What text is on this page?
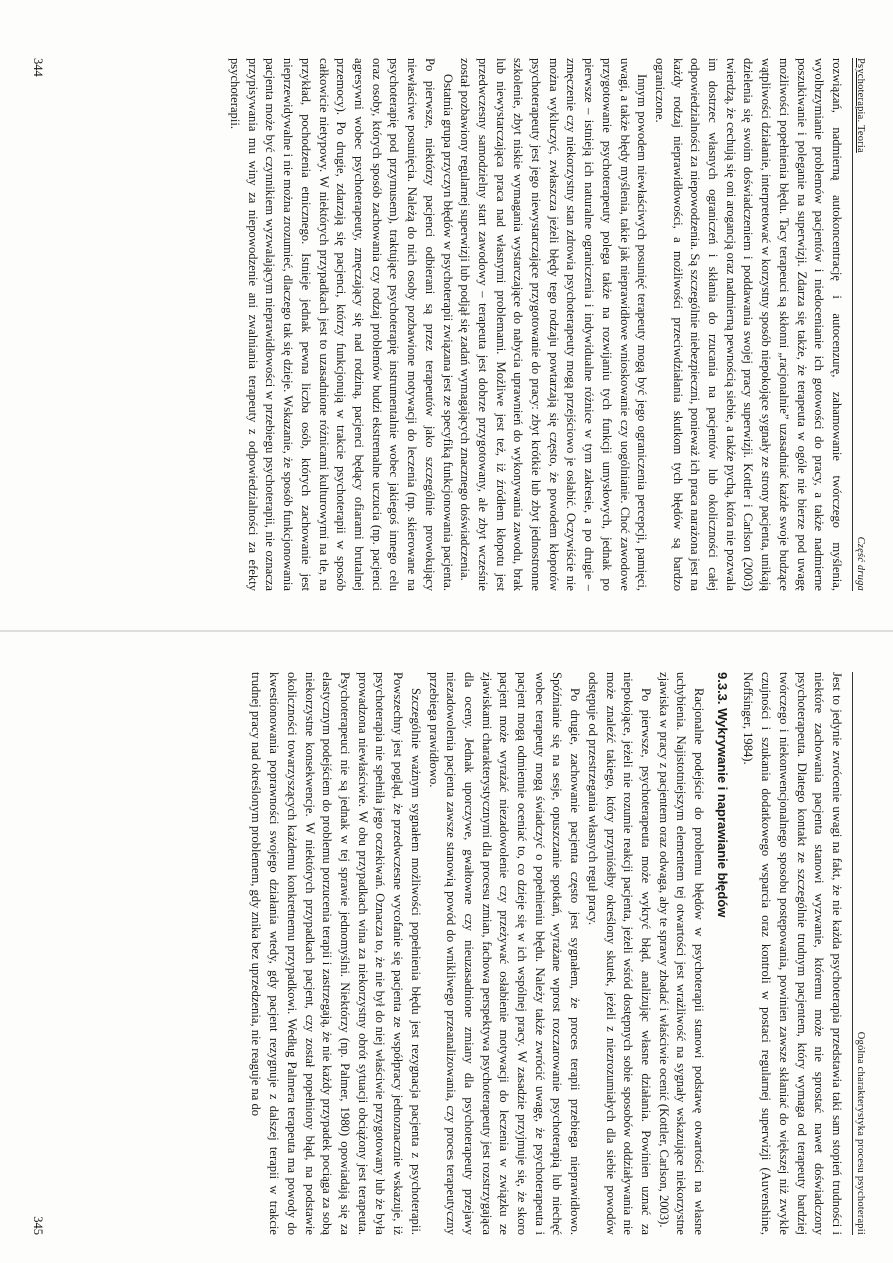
Psychoterapia. Teoria
Część druga

rozwiązań, nadmierną autokoncentrację i autocenzurę, zahamowanie twórczego myślenia, wyolbrzymianie problemów pacjentów i niedocenianie ich gotowości do pracy, a także nadmierne poszukiwanie i poleganie na superwizji. Zdarza się także, że terapeuta w ogóle nie bierze pod uwagę możliwości popełnienia błędu. Tacy terapeuci są skłonni „racjonalnie” uzasadniać każde swoje budzące wątpliwości działanie, interpretować w korzystny sposób niepokojące sygnały ze strony pacjenta, unikają dzielenia się swoim doświadczeniem i poddawania swojej pracy superwizji. Kottler i Carlson (2003) twierdzą, że cechują się oni arogancją oraz nadmierną pewnością siebie, a także pychą, która nie pozwala im dostrzec własnych ograniczeń i skłania do rzucania na pacjentów lub okoliczności całej odpowiedzialności za niepowodzenia. Są szczególnie niebezpieczni, ponieważ ich praca narażona jest na każdy rodzaj nieprawidłowości, a możliwości przeciwdziałania skutkom tych błędów są bardzo ograniczone.

Innym powodem niewłaściwych posunięć terapeuty mogą być jego ograniczenia percepcji, pamięci, uwagi, a także błędy myślenia, takie jak nieprawidłowe wnioskowanie czy uogólnianie. Choć zawodowe przygotowanie psychoterapeuty polega także na rozwijaniu tych funkcji umysłowych, jednak po pierwsze – istnieją ich naturalne ograniczenia i indywidualne różnice w tym zakresie, a po drugie – zmęczenie czy niekorzystny stan zdrowia psychoterapeuty mogą przejściowo je osłabić. Oczywiście nie można wykluczyć, zwłaszcza jeżeli błędy tego rodzaju powtarzają się często, że powodem kłopotów psychoterapeuty jest jego niewystarczające przygotowanie do pracy: zbyt krótkie lub zbyt jednostronne szkolenie, zbyt niskie wymagania wystarczające do nabycia uprawnień do wykonywania zawodu, brak lub niewystarczająca praca nad własnymi problemami. Możliwe jest też, iż źródłem kłopotu jest przedwczesny samodzielny start zawodowy – terapeuta jest dobrze przygotowany, ale zbyt wcześnie został pozbawiony regularnej superwizji lub podjął się zadań wymagających znacznego doświadczenia.

Ostatnia grupa przyczyn błędów w psychoterapii związana jest ze specyfiką funkcjonowania pacjenta. Po pierwsze, niektórzy pacjenci odbierani są przez terapeutów jako szczególnie prowokujący niewłaściwe posunięcia. Należą do nich osoby pozbawione motywacji do leczenia (np. skierowane na psychoterapię pod przymusem), traktujące psychoterapię instrumentalnie wobec jakiegoś innego celu oraz osoby, których sposób zachowania czy rodzaj problemów budzi ekstremalne uczucia (np. pacjenci agresywni wobec psychoterapeuty, zmęczający się nad rodziną, pacjenci będący ofiarami brutalnej przemocy). Po drugie, zdarzają się pacjenci, którzy funkcjonują w trakcie psychoterapii w sposób całkowicie nietypowy. W niektórych przypadkach jest to uzasadnione różnicami kulturowymi na tle, na przykład, pochodzenia etnicznego. Istnieje jednak pewna liczba osób, których zachowanie jest nieprzewidywalne i nie można zrozumieć, dlaczego tak się dzieje. Wskazanie, że sposób funkcjonowania pacjenta może być czynnikiem wyzwalającym nieprawidłowości w przebiegu psychoterapii, nie oznacza przypisywania mu winy za niepowodzenie ani zwalniania terapeuty z odpowiedzialności za efekty psychoterapii.

344
Ogólna charakterystyka procesu psychoterapii

Jest to jedynie zwrócenie uwagi na fakt, że nie każda psychoterapia przedstawia taki sam stopień trudności i niektóre zachowania pacjenta stanowi wyzwanie, któremu może nie sprostać nawet doświadczony psychoterapeuta. Dlatego kontakt ze szczególnie trudnym pacjentem, który wymaga od terapeuty bardziej twórczego i niekonwencjonalnego sposobu postępowania, powinien zawsze skłaniać do większej niż zwykle czujności i szukania dodatkowego wsparcia oraz kontroli w postaci regularnej superwizji (Auvenshine, Noffsinger, 1984).

9.3.3. Wykrywanie i naprawianie błędów

Racjonalne podejście do problemu błędów w psychoterapii stanowi podstawę otwartości na własne uchybienia. Najistotniejszym elementem tej otwartości jest wrażliwość na sygnały wskazujące niekorzystne zjawiska w pracy z pacjentem oraz odwaga, aby te sprawy zbadać i właściwie ocenić (Kottler, Carlson, 2003).

Po pierwsze, psychoterapeuta może wykryć błąd, analizując własne działania. Powinien uznać za niepokojące, jeżeli nie rozumie reakcji pacjenta, jeżeli wśród dostępnych sobie sposobów oddziaływania nie może znaleźć takiego, który przyniósłby określony skutek, jeżeli z niezrozumiałych dla siebie powodów odstępuje od przestrzegania własnych reguł pracy.

Po drugie, zachowanie pacjenta często jest sygnałem, że proces terapii przebiega nieprawidłowo. Spóźnianie się na sesje, opuszczanie spotkań, wyrażane wprost rozczarowanie psychoterapią lub niechęć wobec terapeuty mogą świadczyć o popełnieniu błędu. Należy także zwrócić uwagę, że psychoterapeuta i pacjent mogą odmiennie oceniać to, co dzieje się w ich wspólnej pracy. W zasadzie przyjmuje się, że skoro pacjent może wyrażać niezadowolenie czy przeżywać osłabienie motywacji do leczenia w związku ze zjawiskami charakterystycznymi dla procesu zmian, fachowa perspektywa psychoterapeuty jest rozstrzygająca dla oceny. Jednak uporczywe, gwałtowne czy nieuzasadnione zmiany dla psychoterapeuty przejawy niezadowolenia pacjenta zawsze stanowią powód do wnikliwego przeanalizowania, czy proces terapeutyczny przebiega prawidłowo.

Szczególnie ważnym sygnałem możliwości popełnienia błędu jest rezygnacja pacjenta z psychoterapii. Powszechny jest pogląd, że przedwczesne wycofanie się pacjenta ze współpracy jednoznacznie wskazuje, iż psychoterapia nie spełniła jego oczekiwań. Oznacza to, że nie był do niej właściwie przygotowany lub że była prowadzona niewłaściwie. W obu przypadkach wina za niekorzystny obrót sytuacji obciążony jest terapeuta. Psychoterapeuci nie są jednak w tej sprawie jednomyślni. Niektórzy (np. Palmer, 1980) opowiadają się za elastycznym podejściem do problemu porzucenia terapii i zastrzegają, że nie każdy przypadek pociąga za sobą niekorzystne konsekwencje. W niektórych przypadkach pacjent, czy został popełniony błąd, na podstawie okoliczności towarzyszących każdemu konkretnemu przypadkowi. Według Palmera terapeuta ma powody do kwestionowania poprawności swojego działania wtedy, gdy pacjent rezygnuje z dalszej terapii w trakcie trudnej pracy nad określonym problemem, gdy znika bez uprzedzenia, nie reaguje na do

345
